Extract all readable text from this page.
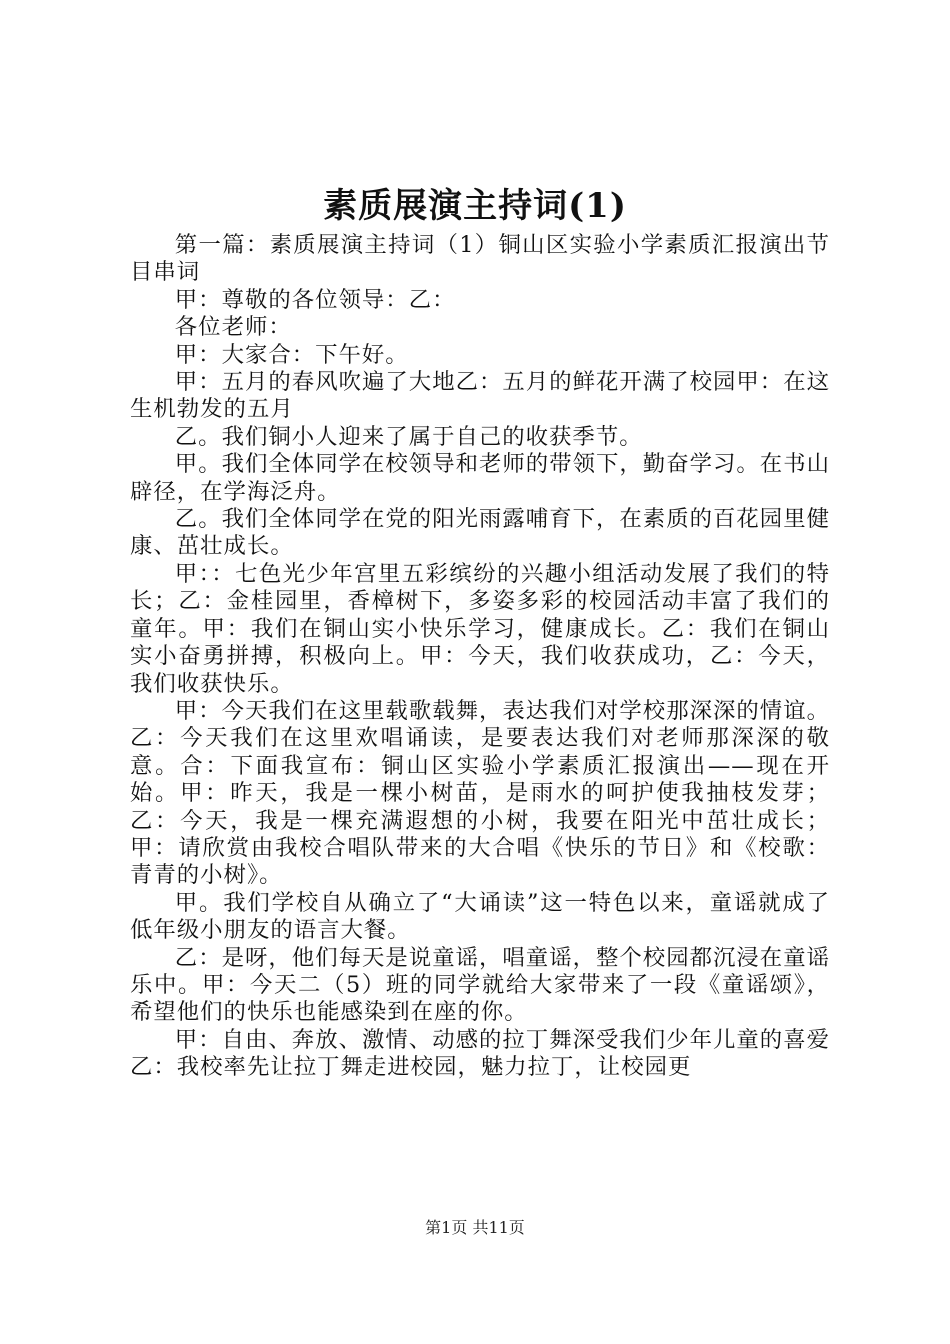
素质展演主持词(1)

第一篇：素质展演主持词（1）铜山区实验小学素质汇报演出节目串词

甲：尊敬的各位领导：乙：

各位老师：

甲：大家合：下午好。

甲：五月的春风吹遍了大地乙：五月的鲜花开满了校园甲：在这生机勃发的五月

乙。我们铜小人迎来了属于自己的收获季节。

甲。我们全体同学在校领导和老师的带领下，勤奋学习。在书山辟径，在学海泛舟。

乙。我们全体同学在党的阳光雨露哺育下，在素质的百花园里健康、茁壮成长。

甲：：七色光少年宫里五彩缤纷的兴趣小组活动发展了我们的特长；乙：金桂园里，香樟树下，多姿多彩的校园活动丰富了我们的童年。甲：我们在铜山实小快乐学习，健康成长。乙：我们在铜山实小奋勇拼搏，积极向上。甲：今天，我们收获成功，乙：今天，我们收获快乐。

甲：今天我们在这里载歌载舞，表达我们对学校那深深的情谊。乙：今天我们在这里欢唱诵读，是要表达我们对老师那深深的敬意。合：下面我宣布：铜山区实验小学素质汇报演出——现在开始。甲：昨天，我是一棵小树苗，是雨水的呵护使我抽枝发芽；乙：今天，我是一棵充满遐想的小树，我要在阳光中茁壮成长；甲：请欣赏由我校合唱队带来的大合唱《快乐的节日》和《校歌：青青的小树》。

甲。我们学校自从确立了“大诵读”这一特色以来，童谣就成了低年级小朋友的语言大餐。

乙：是呀，他们每天是说童谣，唱童谣，整个校园都沉浸在童谣乐中。甲：今天二（5）班的同学就给大家带来了一段《童谣颂》，希望他们的快乐也能感染到在座的你。

甲：自由、奔放、激情、动感的拉丁舞深受我们少年儿童的喜爱乙：我校率先让拉丁舞走进校园，魅力拉丁，让校园更

第1页 共11页
